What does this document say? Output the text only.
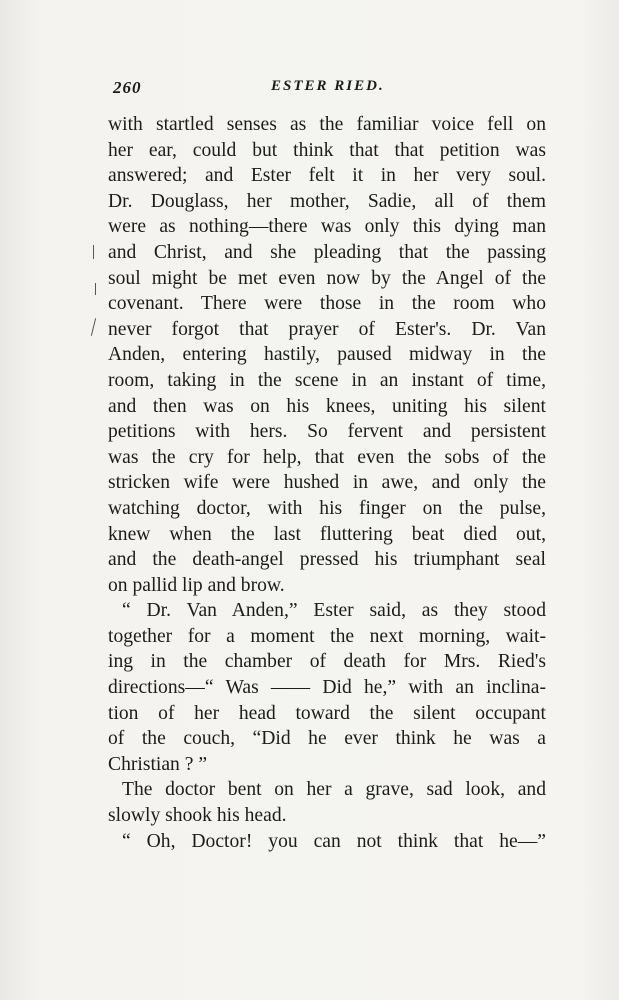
260	ESTER RIED.
with startled senses as the familiar voice fell on
her ear, could but think that that petition was
answered; and Ester felt it in her very soul.
Dr. Douglass, her mother, Sadie, all of them
were as nothing—there was only this dying man
and Christ, and she pleading that the passing
soul might be met even now by the Angel of the
covenant. There were those in the room who
never forgot that prayer of Ester's. Dr. Van
Anden, entering hastily, paused midway in the
room, taking in the scene in an instant of time,
and then was on his knees, uniting his silent
petitions with hers. So fervent and persistent
was the cry for help, that even the sobs of the
stricken wife were hushed in awe, and only the
watching doctor, with his finger on the pulse,
knew when the last fluttering beat died out,
and the death-angel pressed his triumphant seal
on pallid lip and brow.
“ Dr. Van Anden,” Ester said, as they stood
together for a moment the next morning, wait-
ing in the chamber of death for Mrs. Ried's
directions—“ Was —— Did he,” with an inclina-
tion of her head toward the silent occupant
of the couch, “Did he ever think he was a
Christian ? ”
The doctor bent on her a grave, sad look, and
slowly shook his head.
“ Oh, Doctor! you can not think that he—”
